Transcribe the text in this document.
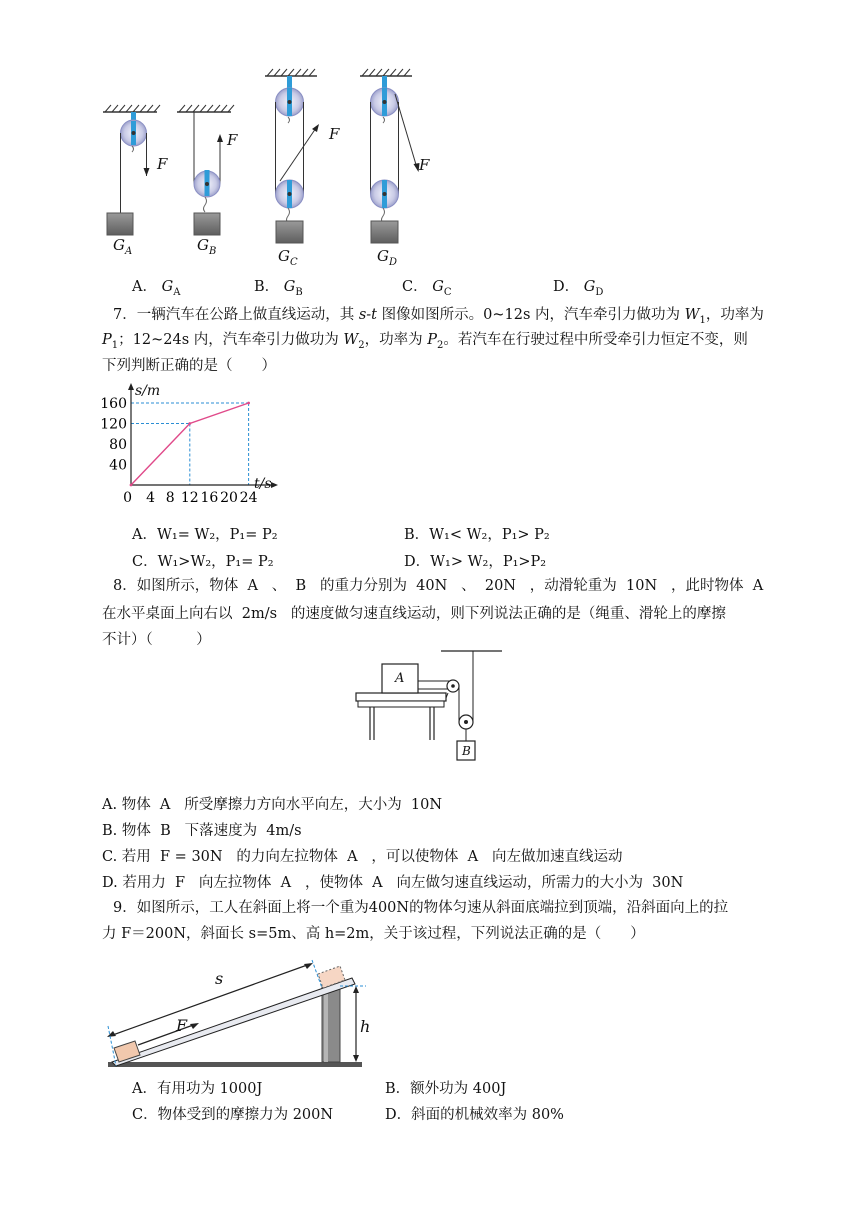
F
F	F
F
$G_A$	$G_B$	$G_C$	$G_D$
A． $G_A$	B． $G_B$	C． $G_C$	D． $G_D$
7．一辆汽车在公路上做直线运动，其 s-t 图像如图所示。0~12s 内，汽车牵引力做功为 $W_1$，功率为
$P_1$；12~24s 内，汽车牵引力做功为 $W_2$，功率为 $P_2$。若汽车在行驶过程中所受牵引力恒定不变，则
下列判断正确的是（　　）
0 4 8 12 16 20 24
40
80
120
160
s/m
t/s
A．W₁= W₂，P₁= P₂	B．W₁< W₂，P₁> P₂
C．W₁>W₂，P₁= P₂	D．W₁> W₂，P₁>P₂
8．如图所示，物体  A   、  B   的重力分别为  40N   、  20N   ，动滑轮重为  10N   ，此时物体  A
在水平桌面上向右以  2m/s   的速度做匀速直线运动，则下列说法正确的是（绳重、滑轮上的摩擦
不计）（　　　）
A
B
A. 物体  A   所受摩擦力方向水平向左，大小为  10N
B. 物体  B   下落速度为  4m/s
C. 若用  F = 30N   的力向左拉物体  A   ，可以使物体  A   向左做加速直线运动
D. 若用力  F   向左拉物体  A   ，使物体  A   向左做匀速直线运动，所需力的大小为  30N
9．如图所示，工人在斜面上将一个重为400N的物体匀速从斜面底端拉到顶端，沿斜面向上的拉
力 F＝200N，斜面长 s=5m、高 h=2m，关于该过程，下列说法正确的是（　　）
s
F	h
A．有用功为 1000J	B．额外功为 400J
C．物体受到的摩擦力为 200N	D．斜面的机械效率为 80%
